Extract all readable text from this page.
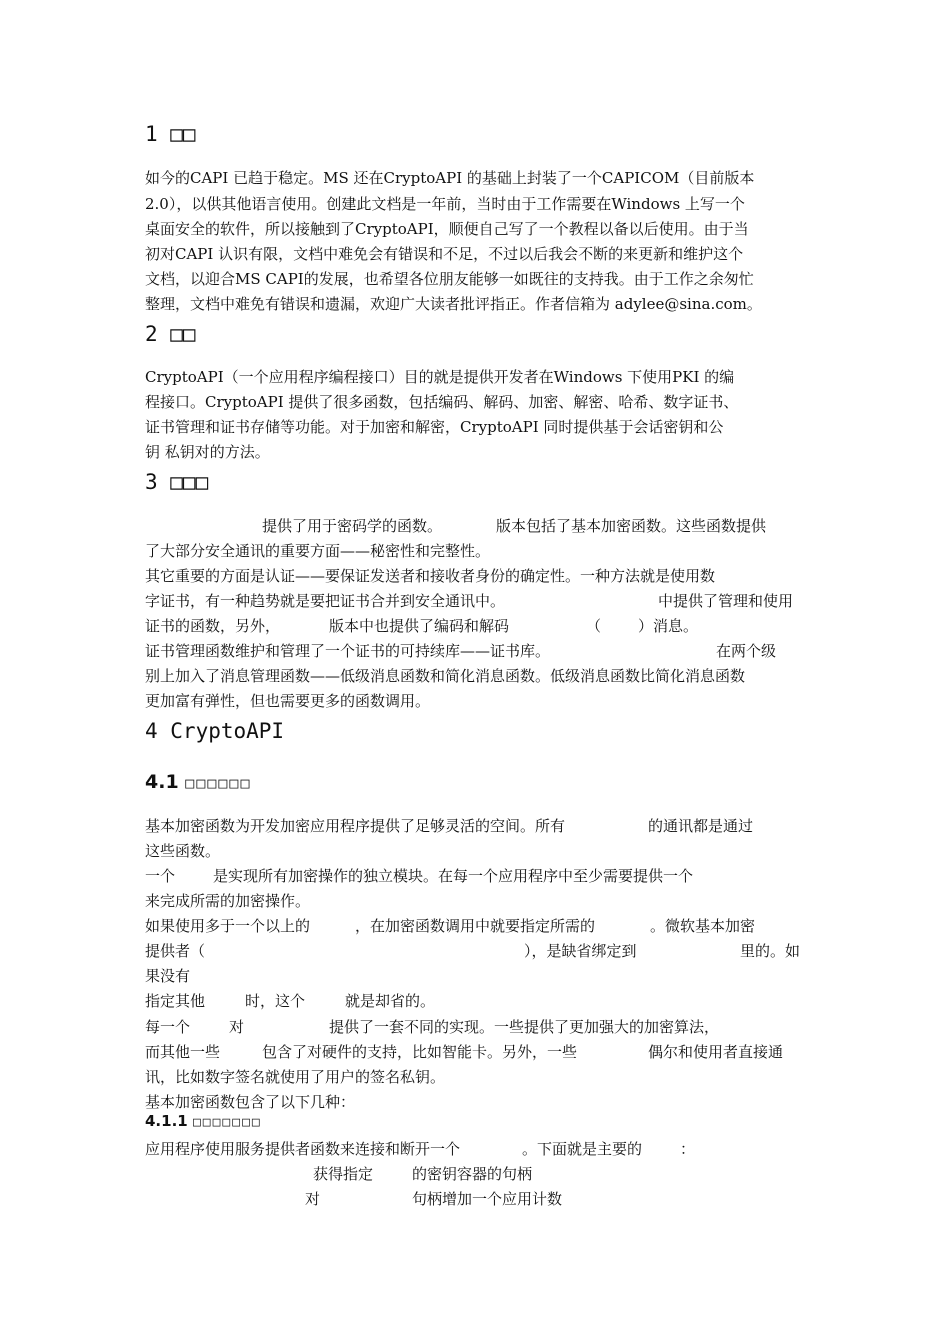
1 □□
如今的CAPI 已趋于稳定。MS 还在CryptoAPI 的基础上封装了一个CAPICOM（目前版本
2.0），以供其他语言使用。创建此文档是一年前，当时由于工作需要在Windows 上写一个
桌面安全的软件，所以接触到了CryptoAPI，顺便自己写了一个教程以备以后使用。由于当
初对CAPI 认识有限，文档中难免会有错误和不足，不过以后我会不断的来更新和维护这个
文档，以迎合MS CAPI的发展，也希望各位朋友能够一如既往的支持我。由于工作之余匆忙
整理，文档中难免有错误和遗漏，欢迎广大读者批评指正。作者信箱为 adylee@sina.com。
2 □□
CryptoAPI（一个应用程序编程接口）目的就是提供开发者在Windows 下使用PKI 的编
程接口。CryptoAPI 提供了很多函数，包括编码、解码、加密、解密、哈希、数字证书、
证书管理和证书存储等功能。对于加密和解密，CryptoAPI 同时提供基于会话密钥和公
钥 私钥对的方法。
3 □□□
提供了用于密码学的函数。	版本包括了基本加密函数。这些函数提供
了大部分安全通讯的重要方面——秘密性和完整性。
其它重要的方面是认证——要保证发送者和接收者身份的确定性。一种方法就是使用数
字证书，有一种趋势就是要把证书合并到安全通讯中。	中提供了管理和使用
证书的函数，另外，	版本中也提供了编码和解码	（ ）消息。
证书管理函数维护和管理了一个证书的可持续库——证书库。	在两个级
别上加入了消息管理函数——低级消息函数和简化消息函数。低级消息函数比简化消息函数
更加富有弹性，但也需要更多的函数调用。
4 CryptoAPI
4.1 □□□□□□
基本加密函数为开发加密应用程序提供了足够灵活的空间。所有	的通讯都是通过
这些函数。
一个	是实现所有加密操作的独立模块。在每一个应用程序中至少需要提供一个
来完成所需的加密操作。
如果使用多于一个以上的	，在加密函数调用中就要指定所需的	。微软基本加密
提供者（	），是缺省绑定到	里的。如
果没有
指定其他	时，这个	就是却省的。
每一个	对	提供了一套不同的实现。一些提供了更加强大的加密算法，
而其他一些	包含了对硬件的支持，比如智能卡。另外，一些	偶尔和使用者直接通
讯，比如数字签名就使用了用户的签名私钥。
基本加密函数包含了以下几种：
4.1.1 □□□□□□□
应用程序使用服务提供者函数来连接和断开一个	。下面就是主要的	：
获得指定	的密钥容器的句柄
对	句柄增加一个应用计数
